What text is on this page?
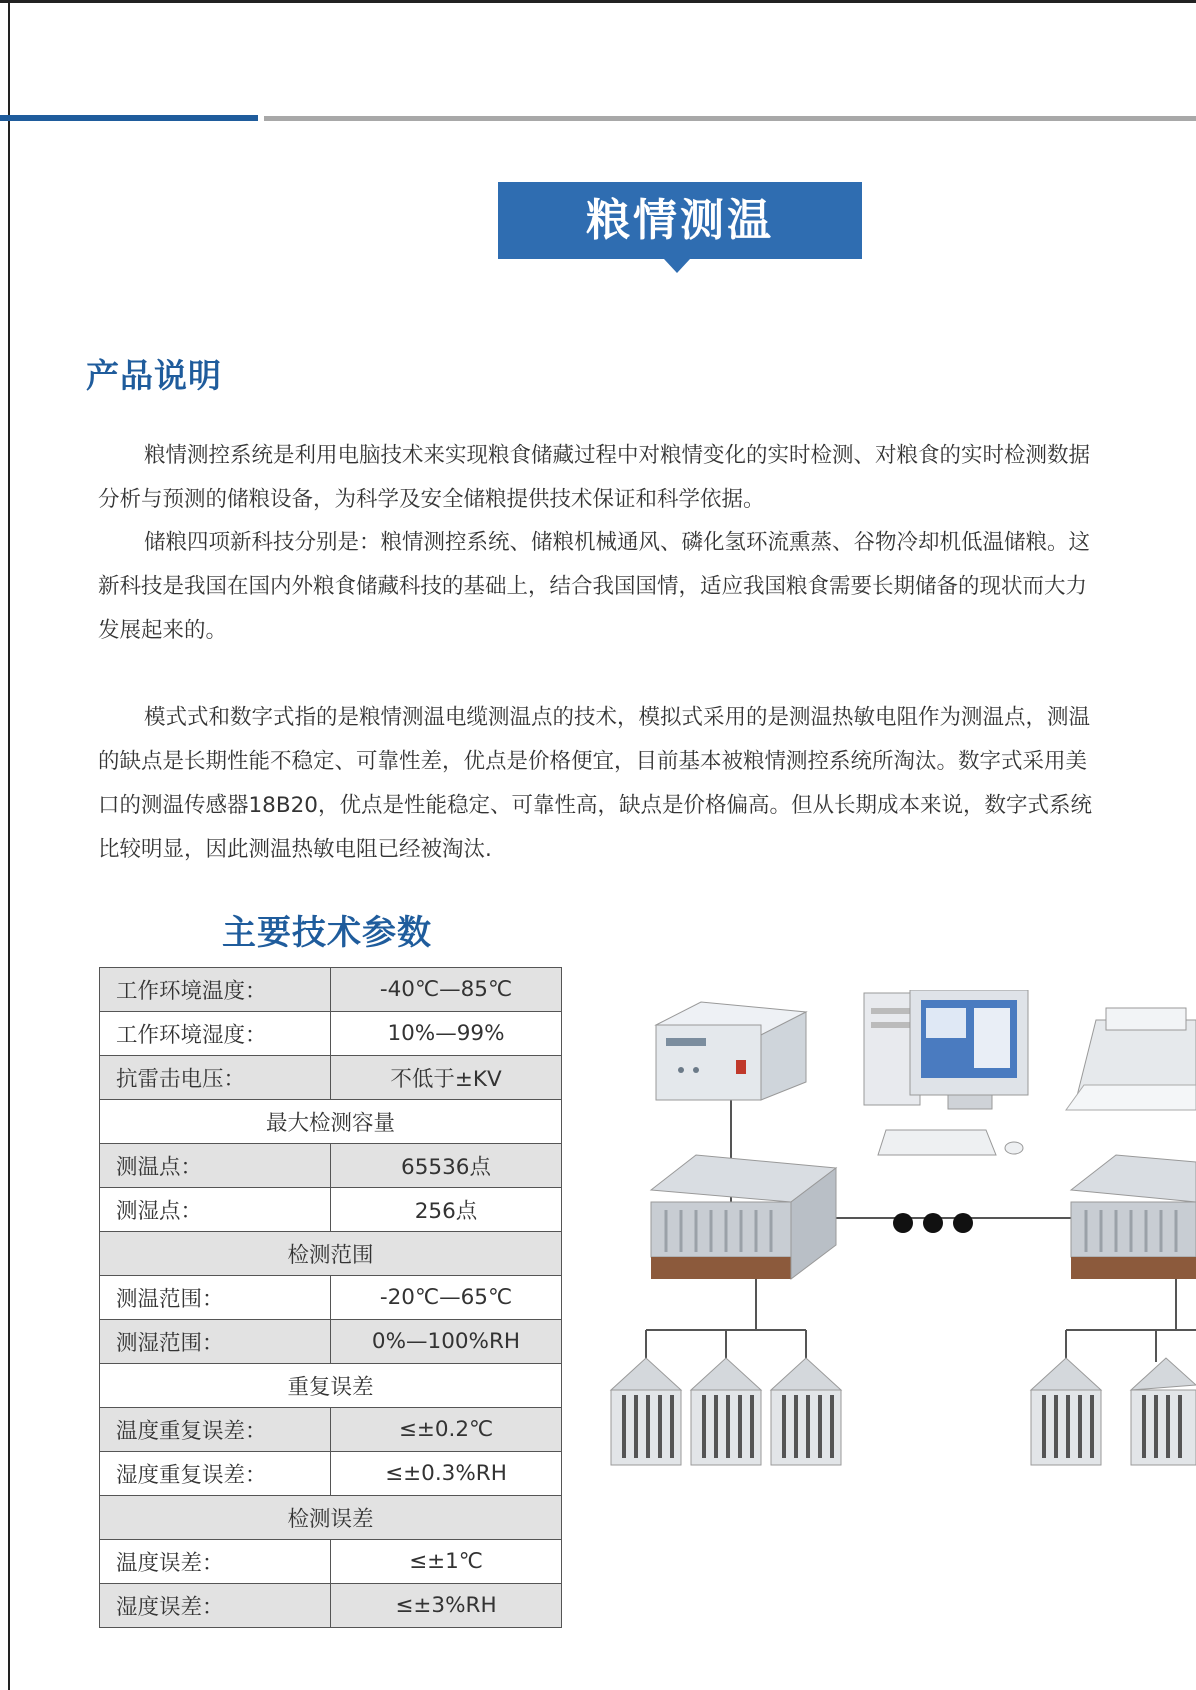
粮情测温
产品说明

粮情测控系统是利用电脑技术来实现粮食储藏过程中对粮情变化的实时检测、对粮食的实时检测数据

分析与预测的储粮设备，为科学及安全储粮提供技术保证和科学依据。

储粮四项新科技分别是：粮情测控系统、储粮机械通风、磷化氢环流熏蒸、谷物冷却机低温储粮。这

新科技是我国在国内外粮食储藏科技的基础上，结合我国国情，适应我国粮食需要长期储备的现状而大力

发展起来的。

模式式和数字式指的是粮情测温电缆测温点的技术，模拟式采用的是测温热敏电阻作为测温点，测温

的缺点是长期性能不稳定、可靠性差，优点是价格便宜，目前基本被粮情测控系统所淘汰。数字式采用美

口的测温传感器18B20，优点是性能稳定、可靠性高，缺点是价格偏高。但从长期成本来说，数字式系统

比较明显，因此测温热敏电阻已经被淘汰.

主要技术参数
工作环境温度：	-40℃—85℃
工作环境湿度：	10%—99%
抗雷击电压：	不低于±KV
最大检测容量	
测温点：	65536点
测湿点：	256点
检测范围	
测温范围：	-20℃—65℃
测湿范围：	0%—100%RH
重复误差	
温度重复误差：	≤±0.2℃
湿度重复误差：	≤±0.3%RH
检测误差	
温度误差：	≤±1℃
湿度误差：	≤±3%RH
